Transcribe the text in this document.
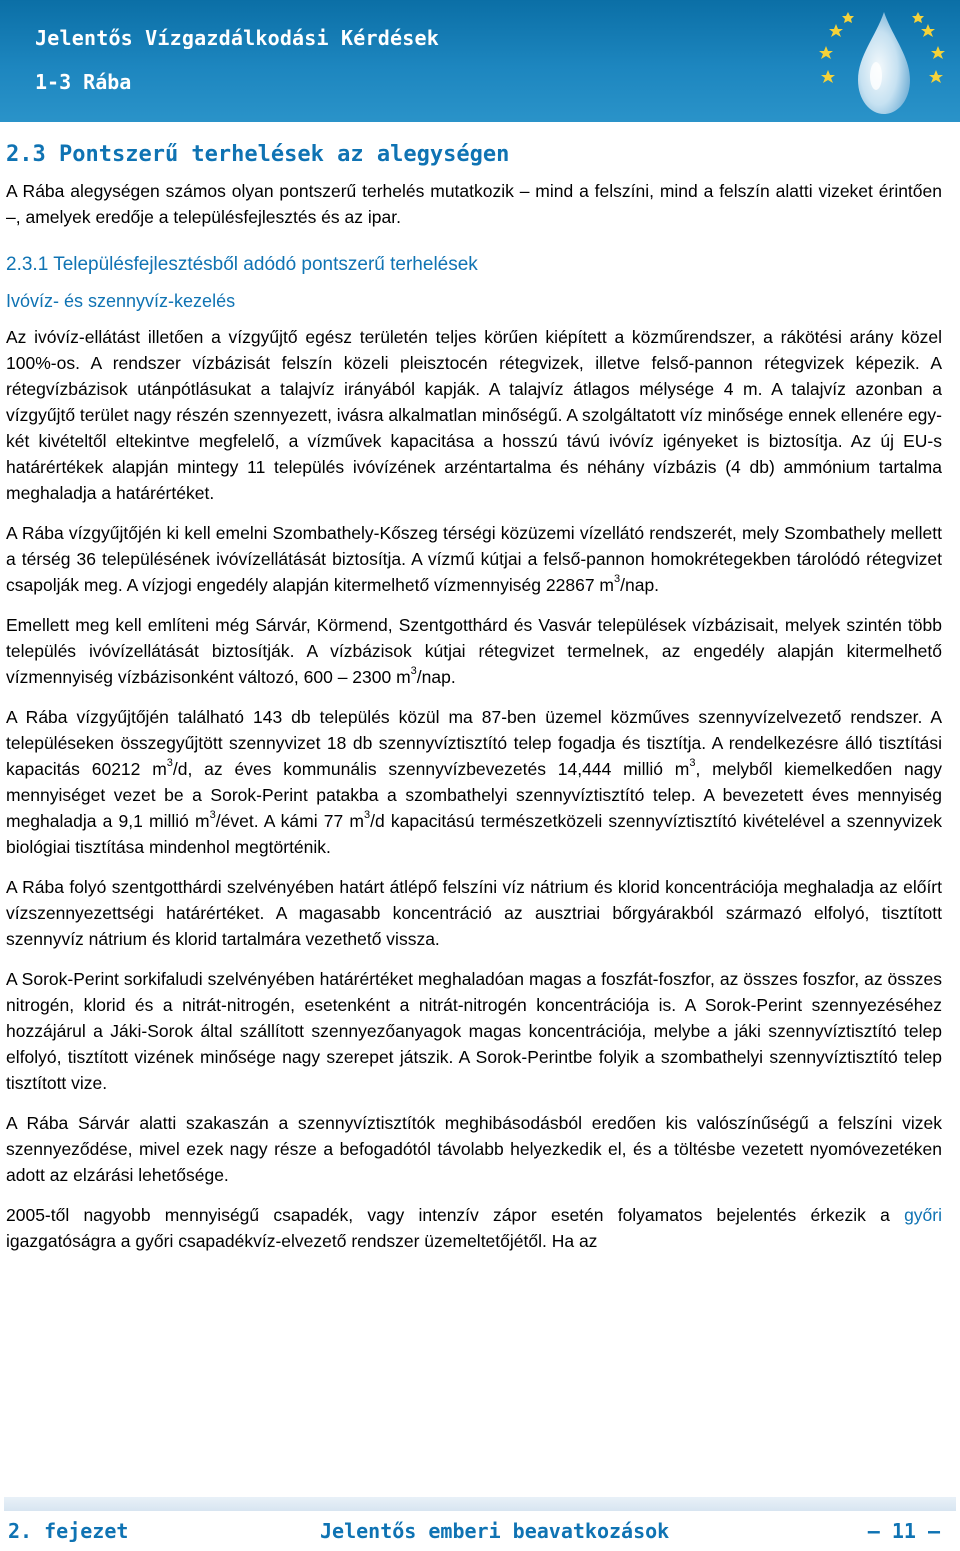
Jelentős Vízgazdálkodási Kérdések
1-3 Rába
2.3 Pontszerű terhelések az alegységen

A Rába alegységen számos olyan pontszerű terhelés mutatkozik – mind a felszíni, mind a felszín alatti vizeket érintően –, amelyek eredője a településfejlesztés és az ipar.

2.3.1 Településfejlesztésből adódó pontszerű terhelések
Ivóvíz- és szennyvíz-kezelés

Az ivóvíz-ellátást illetően a vízgyűjtő egész területén teljes körűen kiépített a közműrendszer, a rákötési arány közel 100%-os. A rendszer vízbázisát felszín közeli pleisztocén rétegvizek, illetve felső-pannon rétegvizek képezik. A rétegvízbázisok utánpótlásukat a talajvíz irányából kapják. A talajvíz átlagos mélysége 4 m. A talajvíz azonban a vízgyűjtő terület nagy részén szennyezett, ivásra alkalmatlan minőségű. A szolgáltatott víz minősége ennek ellenére egy-két kivételtől eltekintve megfelelő, a vízművek kapacitása a hosszú távú ivóvíz igényeket is biztosítja. Az új EU-s határértékek alapján mintegy 11 település ivóvízének arzéntartalma és néhány vízbázis (4 db) ammónium tartalma meghaladja a határértéket.

A Rába vízgyűjtőjén ki kell emelni Szombathely-Kőszeg térségi közüzemi vízellátó rendszerét, mely Szombathely mellett a térség 36 településének ivóvízellátását biztosítja. A vízmű kútjai a felső-pannon homokrétegekben tárolódó rétegvizet csapolják meg. A vízjogi engedély alapján kitermelhető vízmennyiség 22867 $m^3$/nap.

Emellett meg kell említeni még Sárvár, Körmend, Szentgotthárd és Vasvár települések vízbázisait, melyek szintén több település ivóvízellátását biztosítják. A vízbázisok kútjai rétegvizet termelnek, az engedély alapján kitermelhető vízmennyiség vízbázisonként változó, 600 – 2300 $m^3$/nap.

A Rába vízgyűjtőjén található 143 db település közül ma 87-ben üzemel közműves szennyvízelvezető rendszer. A településeken összegyűjtött szennyvizet 18 db szennyvíztisztító telep fogadja és tisztítja. A rendelkezésre álló tisztítási kapacitás 60212 $m^3/d$, az éves kommunális szennyvízbevezetés 14,444 millió $m^3$, melyből kiemelkedően nagy mennyiséget vezet be a Sorok-Perint patakba a szombathelyi szennyvíztisztító telep. A bevezetett éves mennyiség meghaladja a 9,1 millió $m^3$/évet. A kámi 77 $m^3/d$ kapacitású természetközeli szennyvíztisztító kivételével a szennyvizek biológiai tisztítása mindenhol megtörténik.

A Rába folyó szentgotthárdi szelvényében határt átlépő felszíni víz nátrium és klorid koncentrációja meghaladja az előírt vízszennyezettségi határértéket. A magasabb koncentráció az ausztriai bőrgyárakból származó elfolyó, tisztított szennyvíz nátrium és klorid tartalmára vezethető vissza.

A Sorok-Perint sorkifaludi szelvényében határértéket meghaladóan magas a foszfát-foszfor, az összes foszfor, az összes nitrogén, klorid és a nitrát-nitrogén, esetenként a nitrát-nitrogén koncentrációja is. A Sorok-Perint szennyezéséhez hozzájárul a Jáki-Sorok által szállított szennyezőanyagok magas koncentrációja, melybe a jáki szennyvíztisztító telep elfolyó, tisztított vizének minősége nagy szerepet játszik. A Sorok-Perintbe folyik a szombathelyi szennyvíztisztító telep tisztított vize.

A Rába Sárvár alatti szakaszán a szennyvíztisztítók meghibásodásból eredően kis valószínűségű a felszíni vizek szennyeződése, mivel ezek nagy része a befogadótól távolabb helyezkedik el, és a töltésbe vezetett nyomóvezetéken adott az elzárási lehetősége.

2005-től nagyobb mennyiségű csapadék, vagy intenzív zápor esetén folyamatos bejelentés érkezik a győri igazgatóságra a győri csapadékvíz-elvezető rendszer üzemeltetőjétől. Ha az

2. fejezet	Jelentős emberi beavatkozások	— 11 —
